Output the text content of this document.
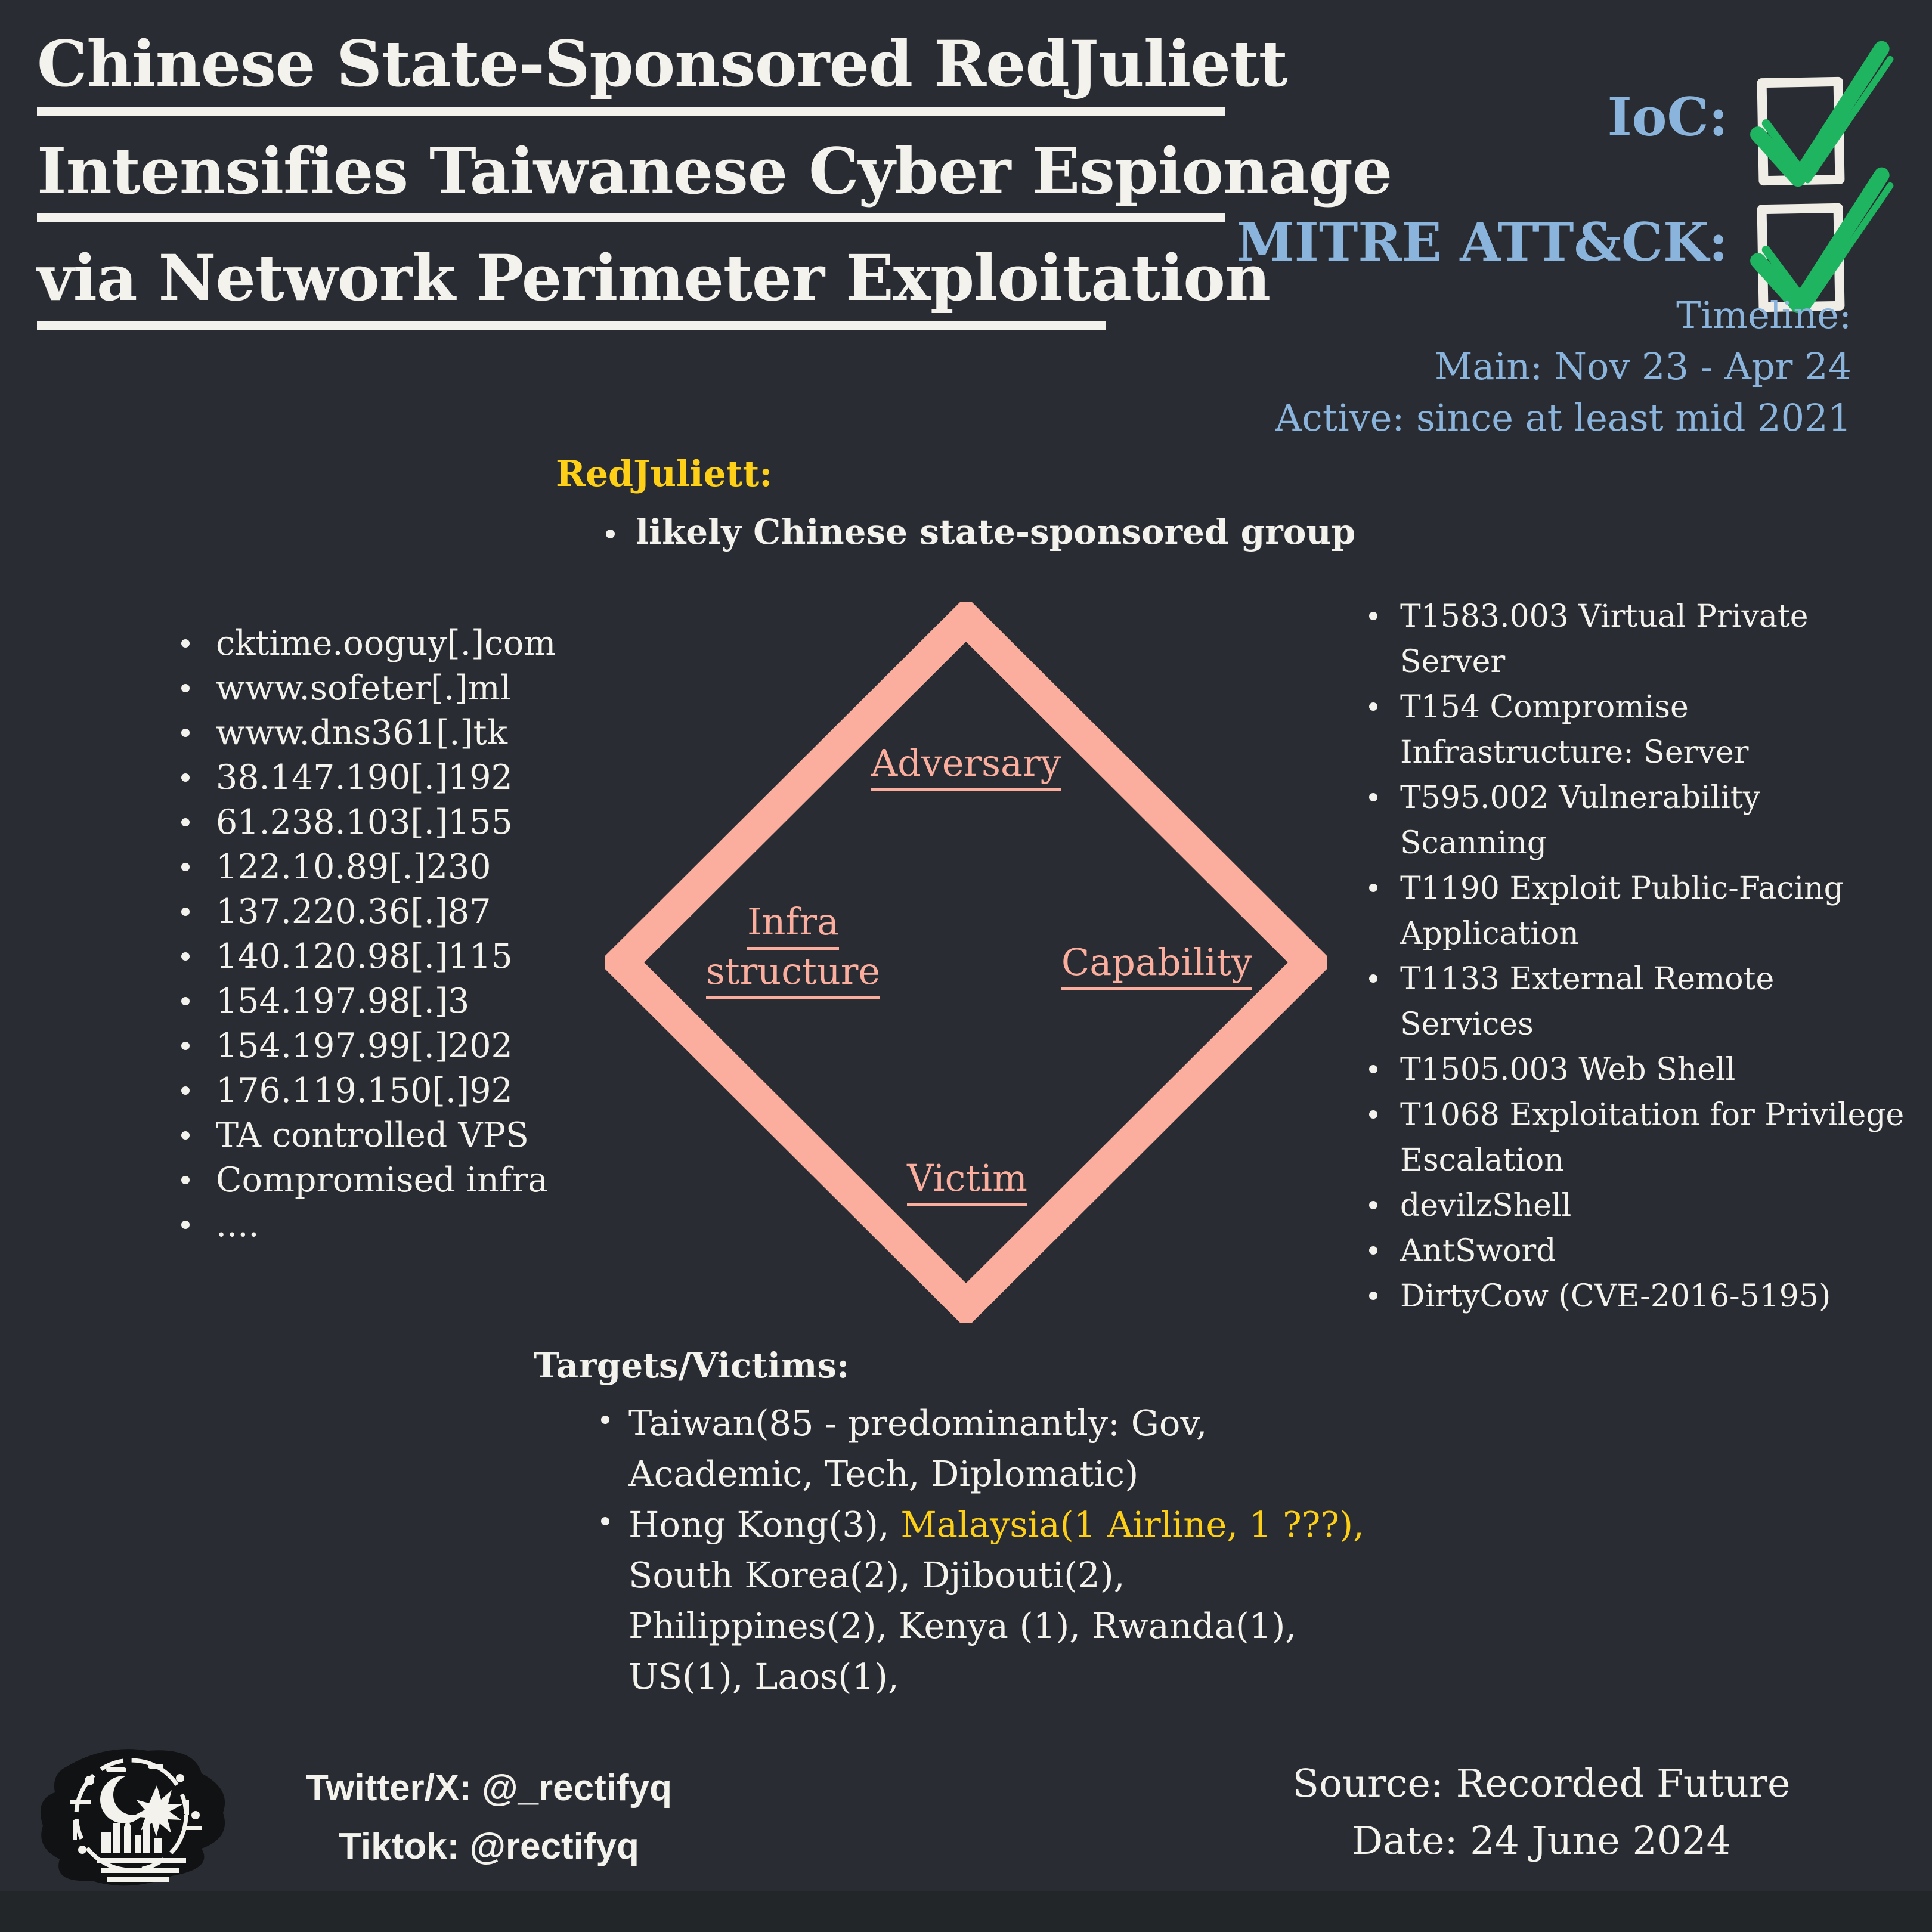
Chinese State-Sponsored RedJuliett
Intensifies Taiwanese Cyber Espionage
via Network Perimeter Exploitation
IoC:
MITRE ATT&CK:
Timeline:
Main: Nov 23 - Apr 24
Active: since at least mid 2021
RedJuliett:
likely Chinese state-sponsored group
cktime.ooguy[.]com
www.sofeter[.]ml
www.dns361[.]tk
38.147.190[.]192
61.238.103[.]155
122.10.89[.]230
137.220.36[.]87
140.120.98[.]115
154.197.98[.]3
154.197.99[.]202
176.119.150[.]92
TA controlled VPS
Compromised infra
....
Adversary
Infra
structure	Capability
Victim
T1583.003 Virtual Private Server
T154 Compromise Infrastructure: Server
T595.002 Vulnerability Scanning
T1190 Exploit Public-Facing Application
T1133 External Remote Services
T1505.003 Web Shell
T1068 Exploitation for Privilege Escalation
devilzShell
AntSword
DirtyCow (CVE-2016-5195)
Targets/Victims:
Taiwan(85 - predominantly: Gov,
Academic, Tech, Diplomatic)
Hong Kong(3), Malaysia(1 Airline, 1 ???),
South Korea(2), Djibouti(2),
Philippines(2), Kenya (1), Rwanda(1),
US(1), Laos(1),
Twitter/X: @_rectifyq
Tiktok: @rectifyq
Source: Recorded Future
Date: 24 June 2024
